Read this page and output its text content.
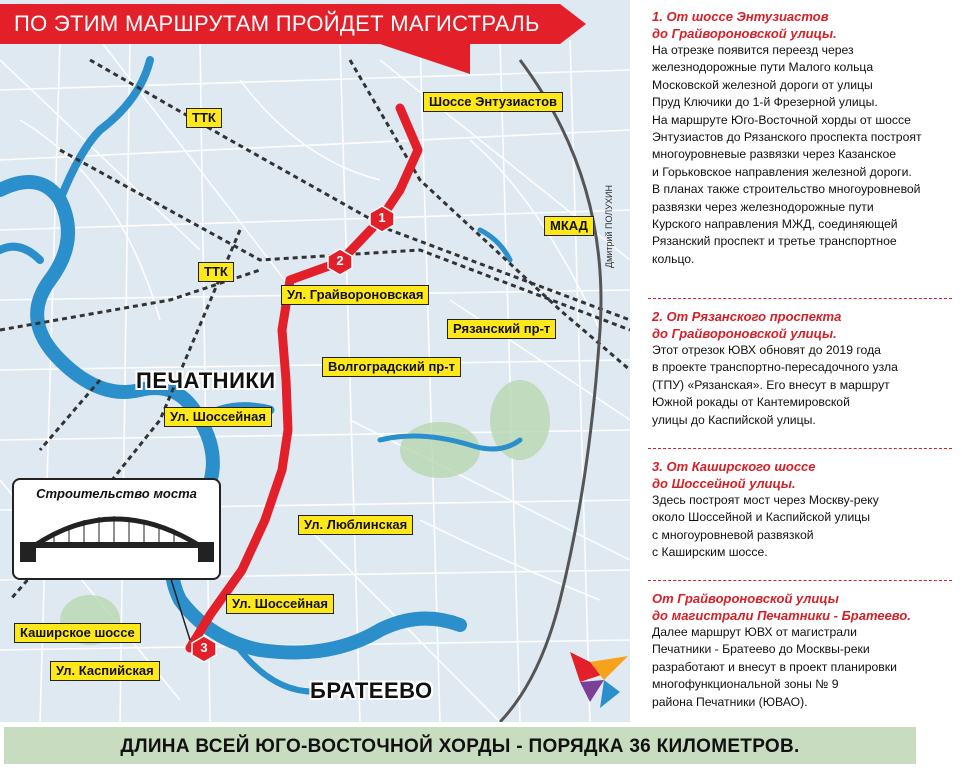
1
2
3
ТТК
ТТК
Шоссе Энтузиастов
МКАД
Ул. Грайвороновская
Рязанский пр-т
Волгоградский пр-т
Ул. Шоссейная
Ул. Люблинская
Ул. Шоссейная
Каширское шоссе
Ул. Каспийская
ПЕЧАТНИКИ
БРАТЕЕВО
Дмитрий ПОЛУХИН
Строительство моста
ПО ЭТИМ МАРШРУТАМ ПРОЙДЕТ МАГИСТРАЛЬ	1. От шоссе Энтузиастов
до Грайвороновской улицы.
На отрезке появится переезд через
железнодорожные пути Малого кольца
Московской железной дороги от улицы
Пруд Ключики до 1-й Фрезерной улицы.
На маршруте Юго-Восточной хорды от шоссе
Энтузиастов до Рязанского проспекта построят
многоуровневые развязки через Казанское
и Горьковское направления железной дороги.
В планах также строительство многоуровневой
развязки через железнодорожные пути
Курского направления МЖД, соединяющей
Рязанский проспект и третье транспортное
кольцо.
2. От Рязанского проспекта
до Грайвороновской улицы.
Этот отрезок ЮВХ обновят до 2019 года
в проекте транспортно-пересадочного узла
(ТПУ) «Рязанская». Его внесут в маршрут
Южной рокады от Кантемировской
улицы до Каспийской улицы.
3. От Каширского шоссе
до Шоссейной улицы.
Здесь построят мост через Москву-реку
около Шоссейной и Каспийской улицы
с многоуровневой развязкой
с Каширским шоссе.
От Грайвороновской улицы
до магистрали Печатники - Братеево.
Далее маршрут ЮВХ от магистрали
Печатники - Братеево до Москвы-реки
разработают и внесут в проект планировки
многофункциональной зоны № 9
района Печатники (ЮВАО).
ДЛИНА ВСЕЙ ЮГО-ВОСТОЧНОЙ ХОРДЫ - ПОРЯДКА 36 КИЛОМЕТРОВ.
